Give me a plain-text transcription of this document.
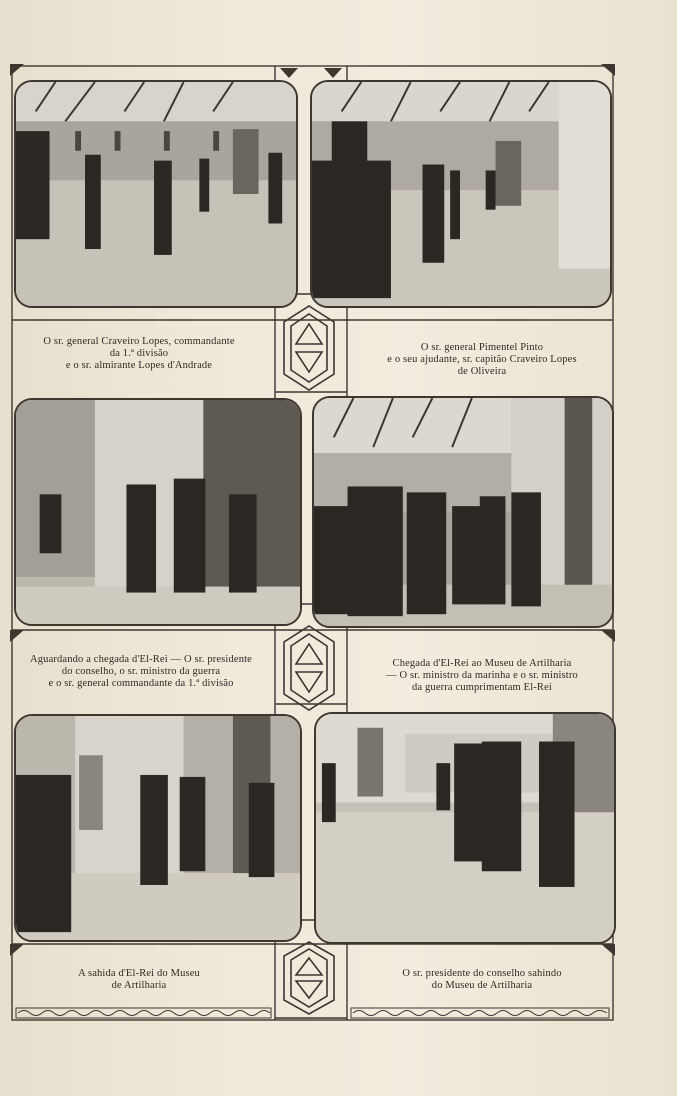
O sr. general Craveiro Lopes, commandante
da 1.ª divisão
e o sr. almirante Lopes d'Andrade
O sr. general Pimentel Pinto
e o seu ajudante, sr. capitão Craveiro Lopes
de Oliveira
Aguardando a chegada d'El-Rei — O sr. presidente
do conselho, o sr. ministro da guerra
e o sr. general commandante da 1.ª divisão
Chegada d'El-Rei ao Museu de Artilharia
— O sr. ministro da marinha e o sr. ministro
da guerra cumprimentam El-Rei
A sahida d'El-Rei do Museu
de Artilharia
O sr. presidente do conselho sahindo
do Museu de Artilharia
